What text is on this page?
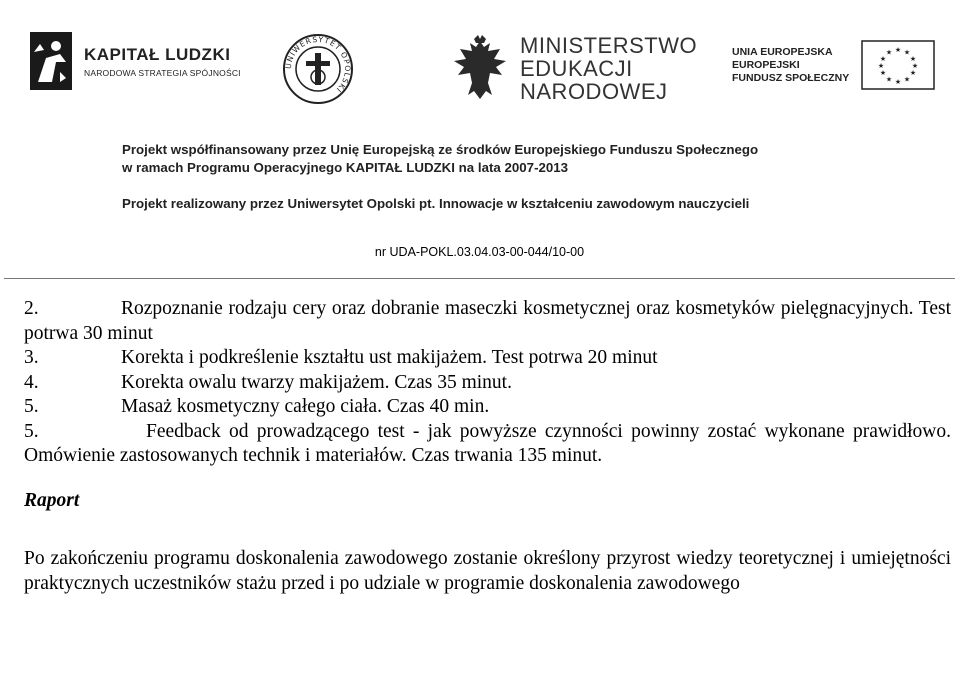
KAPITAŁ LUDZKI
NARODOWA STRATEGIA SPÓJNOŚCI
UNIWERSYTET OPOLSKI
MINISTERSTWO
EDUKACJI
NARODOWEJ
UNIA EUROPEJSKA
EUROPEJSKI
FUNDUSZ SPOŁECZNY
★ ★
★
★
★
★
★
★
★
★
★
★
Projekt współfinansowany przez Unię Europejską ze środków Europejskiego Funduszu Społecznego
w ramach Programu Operacyjnego KAPITAŁ LUDZKI na lata 2007-2013
Projekt realizowany przez Uniwersytet Opolski pt. Innowacje w kształceniu zawodowym nauczycieli
nr UDA-POKL.03.04.03-00-044/10-00

2.	Rozpoznanie rodzaju cery oraz dobranie maseczki kosmetycznej oraz kosmetyków pielęgnacyjnych. Test potrwa 30 minut

3.	Korekta i podkreślenie kształtu ust makijażem. Test potrwa 20 minut

4.	Korekta owalu twarzy makijażem. Czas 35 minut.

5.	Masaż kosmetyczny całego ciała. Czas 40 min.

5.	Feedback od prowadzącego test - jak powyższe czynności powinny zostać wykonane prawidłowo. Omówienie zastosowanych technik i materiałów. Czas trwania 135 minut.

Raport

Po zakończeniu programu doskonalenia zawodowego zostanie określony przyrost wiedzy teoretycznej i umiejętności praktycznych uczestników stażu przed i po udziale w programie doskonalenia zawodowego
